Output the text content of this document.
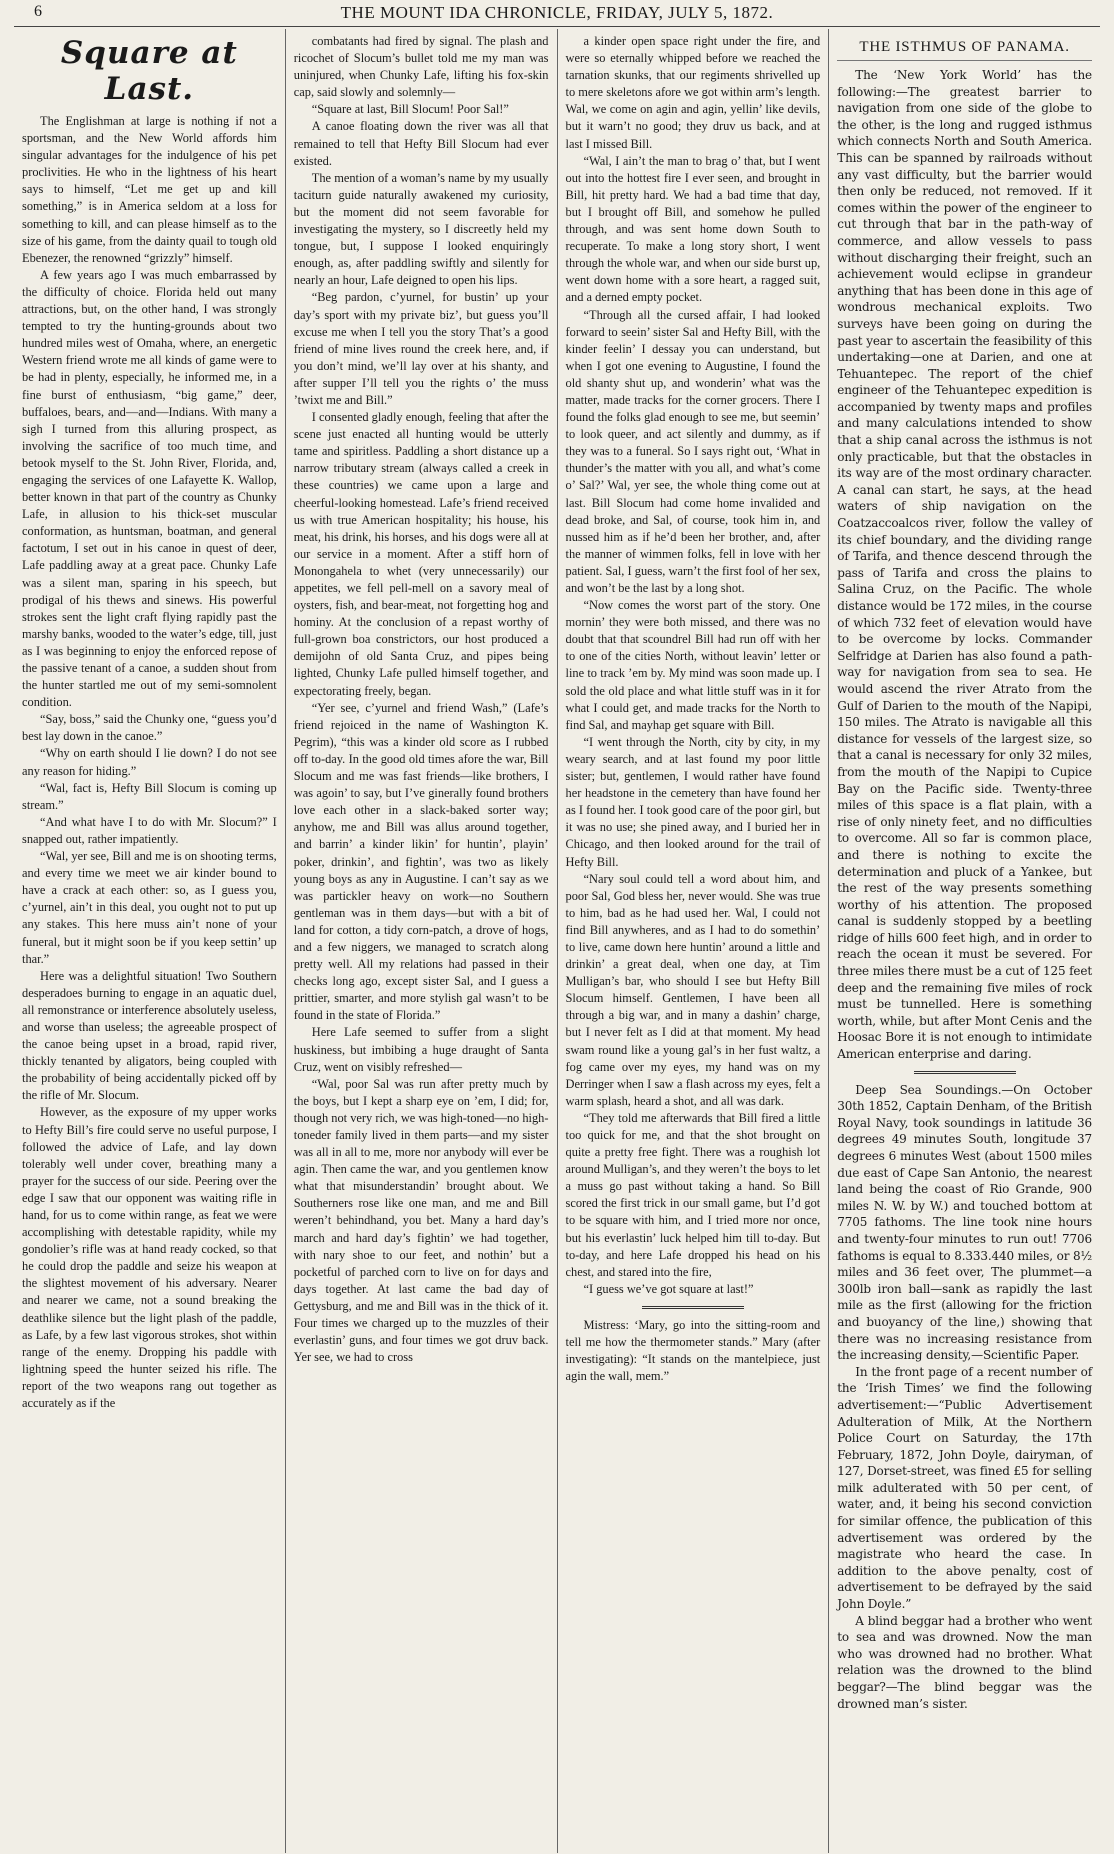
6	THE MOUNT IDA CHRONICLE, FRIDAY, JULY 5, 1872.
Square at Last.

The Englishman at large is nothing if not a sportsman, and the New World affords him singular advantages for the indulgence of his pet proclivities. He who in the lightness of his heart says to himself, “Let me get up and kill something,” is in America seldom at a loss for something to kill, and can please himself as to the size of his game, from the dainty quail to tough old Ebenezer, the renowned “grizzly” himself.

A few years ago I was much embarrassed by the difficulty of choice. Florida held out many attractions, but, on the other hand, I was strongly tempted to try the hunting-grounds about two hundred miles west of Omaha, where, an energetic Western friend wrote me all kinds of game were to be had in plenty, especially, he informed me, in a fine burst of enthusiasm, “big game,” deer, buffaloes, bears, and—and—Indians. With many a sigh I turned from this alluring prospect, as involving the sacrifice of too much time, and betook myself to the St. John River, Florida, and, engaging the services of one Lafayette K. Wallop, better known in that part of the country as Chunky Lafe, in allusion to his thick-set muscular conformation, as huntsman, boatman, and general factotum, I set out in his canoe in quest of deer, Lafe paddling away at a great pace. Chunky Lafe was a silent man, sparing in his speech, but prodigal of his thews and sinews. His powerful strokes sent the light craft flying rapidly past the marshy banks, wooded to the water’s edge, till, just as I was beginning to enjoy the enforced repose of the passive tenant of a canoe, a sudden shout from the hunter startled me out of my semi-somnolent condition.

“Say, boss,” said the Chunky one, “guess you’d best lay down in the canoe.”

“Why on earth should I lie down? I do not see any reason for hiding.”

“Wal, fact is, Hefty Bill Slocum is coming up stream.”

“And what have I to do with Mr. Slocum?” I snapped out, rather impatiently.

“Wal, yer see, Bill and me is on shooting terms, and every time we meet we air kinder bound to have a crack at each other: so, as I guess you, c’yurnel, ain’t in this deal, you ought not to put up any stakes. This here muss ain’t none of your funeral, but it might soon be if you keep settin’ up thar.”

Here was a delightful situation! Two Southern desperadoes burning to engage in an aquatic duel, all remonstrance or interference absolutely useless, and worse than useless; the agreeable prospect of the canoe being upset in a broad, rapid river, thickly tenanted by aligators, being coupled with the probability of being accidentally picked off by the rifle of Mr. Slocum.

However, as the exposure of my upper works to Hefty Bill’s fire could serve no useful purpose, I followed the advice of Lafe, and lay down tolerably well under cover, breathing many a prayer for the success of our side. Peering over the edge I saw that our opponent was waiting rifle in hand, for us to come within range, as feat we were accomplishing with detestable rapidity, while my gondolier’s rifle was at hand ready cocked, so that he could drop the paddle and seize his weapon at the slightest movement of his adversary. Nearer and nearer we came, not a sound breaking the deathlike silence but the light plash of the paddle, as Lafe, by a few last vigorous strokes, shot within range of the enemy. Dropping his paddle with lightning speed the hunter seized his rifle. The report of the two weapons rang out together as accurately as if the

combatants had fired by signal. The plash and ricochet of Slocum’s bullet told me my man was uninjured, when Chunky Lafe, lifting his fox-skin cap, said slowly and solemnly—

“Square at last, Bill Slocum! Poor Sal!”

A canoe floating down the river was all that remained to tell that Hefty Bill Slocum had ever existed.

The mention of a woman’s name by my usually taciturn guide naturally awakened my curiosity, but the moment did not seem favorable for investigating the mystery, so I discreetly held my tongue, but, I suppose I looked enquiringly enough, as, after paddling swiftly and silently for nearly an hour, Lafe deigned to open his lips.

“Beg pardon, c’yurnel, for bustin’ up your day’s sport with my private biz’, but guess you’ll excuse me when I tell you the story That’s a good friend of mine lives round the creek here, and, if you don’t mind, we’ll lay over at his shanty, and after supper I’ll tell you the rights o’ the muss ’twixt me and Bill.”

I consented gladly enough, feeling that after the scene just enacted all hunting would be utterly tame and spiritless. Paddling a short distance up a narrow tributary stream (always called a creek in these countries) we came upon a large and cheerful-looking homestead. Lafe’s friend received us with true American hospitality; his house, his meat, his drink, his horses, and his dogs were all at our service in a moment. After a stiff horn of Monongahela to whet (very unnecessarily) our appetites, we fell pell-mell on a savory meal of oysters, fish, and bear-meat, not forgetting hog and hominy. At the conclusion of a repast worthy of full-grown boa constrictors, our host produced a demijohn of old Santa Cruz, and pipes being lighted, Chunky Lafe pulled himself together, and expectorating freely, began.

“Yer see, c’yurnel and friend Wash,” (Lafe’s friend rejoiced in the name of Washington K. Pegrim), “this was a kinder old score as I rubbed off to-day. In the good old times afore the war, Bill Slocum and me was fast friends—like brothers, I was agoin’ to say, but I’ve ginerally found brothers love each other in a slack-baked sorter way; anyhow, me and Bill was allus around together, and barrin’ a kinder likin’ for huntin’, playin’ poker, drinkin’, and fightin’, was two as likely young boys as any in Augustine. I can’t say as we was partickler heavy on work—no Southern gentleman was in them days—but with a bit of land for cotton, a tidy corn-patch, a drove of hogs, and a few niggers, we managed to scratch along pretty well. All my relations had passed in their checks long ago, except sister Sal, and I guess a prittier, smarter, and more stylish gal wasn’t to be found in the state of Florida.”

Here Lafe seemed to suffer from a slight huskiness, but imbibing a huge draught of Santa Cruz, went on visibly refreshed—

“Wal, poor Sal was run after pretty much by the boys, but I kept a sharp eye on ’em, I did; for, though not very rich, we was high-toned—no high-toneder family lived in them parts—and my sister was all in all to me, more nor anybody will ever be agin. Then came the war, and you gentlemen know what that misunderstandin’ brought about. We Southerners rose like one man, and me and Bill weren’t behindhand, you bet. Many a hard day’s march and hard day’s fightin’ we had together, with nary shoe to our feet, and nothin’ but a pocketful of parched corn to live on for days and days together. At last came the bad day of Gettysburg, and me and Bill was in the thick of it. Four times we charged up to the muzzles of their everlastin’ guns, and four times we got druv back. Yer see, we had to cross

a kinder open space right under the fire, and were so eternally whipped before we reached the tarnation skunks, that our regiments shrivelled up to mere skeletons afore we got within arm’s length. Wal, we come on agin and agin, yellin’ like devils, but it warn’t no good; they druv us back, and at last I missed Bill.

“Wal, I ain’t the man to brag o’ that, but I went out into the hottest fire I ever seen, and brought in Bill, hit pretty hard. We had a bad time that day, but I brought off Bill, and somehow he pulled through, and was sent home down South to recuperate. To make a long story short, I went through the whole war, and when our side burst up, went down home with a sore heart, a ragged suit, and a derned empty pocket.

“Through all the cursed affair, I had looked forward to seein’ sister Sal and Hefty Bill, with the kinder feelin’ I dessay you can understand, but when I got one evening to Augustine, I found the old shanty shut up, and wonderin’ what was the matter, made tracks for the corner grocers. There I found the folks glad enough to see me, but seemin’ to look queer, and act silently and dummy, as if they was to a funeral. So I says right out, ‘What in thunder’s the matter with you all, and what’s come o’ Sal?’ Wal, yer see, the whole thing come out at last. Bill Slocum had come home invalided and dead broke, and Sal, of course, took him in, and nussed him as if he’d been her brother, and, after the manner of wimmen folks, fell in love with her patient. Sal, I guess, warn’t the first fool of her sex, and won’t be the last by a long shot.

“Now comes the worst part of the story. One mornin’ they were both missed, and there was no doubt that that scoundrel Bill had run off with her to one of the cities North, without leavin’ letter or line to track ’em by. My mind was soon made up. I sold the old place and what little stuff was in it for what I could get, and made tracks for the North to find Sal, and mayhap get square with Bill.

“I went through the North, city by city, in my weary search, and at last found my poor little sister; but, gentlemen, I would rather have found her headstone in the cemetery than have found her as I found her. I took good care of the poor girl, but it was no use; she pined away, and I buried her in Chicago, and then looked around for the trail of Hefty Bill.

“Nary soul could tell a word about him, and poor Sal, God bless her, never would. She was true to him, bad as he had used her. Wal, I could not find Bill anywheres, and as I had to do somethin’ to live, came down here huntin’ around a little and drinkin’ a great deal, when one day, at Tim Mulligan’s bar, who should I see but Hefty Bill Slocum himself. Gentlemen, I have been all through a big war, and in many a dashin’ charge, but I never felt as I did at that moment. My head swam round like a young gal’s in her fust waltz, a fog came over my eyes, my hand was on my Derringer when I saw a flash across my eyes, felt a warm splash, heard a shot, and all was dark.

“They told me afterwards that Bill fired a little too quick for me, and that the shot brought on quite a pretty free fight. There was a roughish lot around Mulligan’s, and they weren’t the boys to let a muss go past without taking a hand. So Bill scored the first trick in our small game, but I’d got to be square with him, and I tried more nor once, but his everlastin’ luck helped him till to-day. But to-day, and here Lafe dropped his head on his chest, and stared into the fire,

“I guess we’ve got square at last!”

Mistress: ‘Mary, go into the sitting-room and tell me how the thermometer stands.” Mary (after investigating): “It stands on the mantelpiece, just agin the wall, mem.”

THE ISTHMUS OF PANAMA.

The ‘New York World’ has the following:—The greatest barrier to navigation from one side of the globe to the other, is the long and rugged isthmus which connects North and South America. This can be spanned by railroads without any vast difficulty, but the barrier would then only be reduced, not removed. If it comes within the power of the engineer to cut through that bar in the path-way of commerce, and allow vessels to pass without discharging their freight, such an achievement would eclipse in grandeur anything that has been done in this age of wondrous mechanical exploits. Two surveys have been going on during the past year to ascertain the feasibility of this undertaking—one at Darien, and one at Tehuantepec. The report of the chief engineer of the Tehuantepec expedition is accompanied by twenty maps and profiles and many calculations intended to show that a ship canal across the isthmus is not only practicable, but that the obstacles in its way are of the most ordinary character. A canal can start, he says, at the head waters of ship navigation on the Coatzaccoalcos river, follow the valley of its chief boundary, and the dividing range of Tarifa, and thence descend through the pass of Tarifa and cross the plains to Salina Cruz, on the Pacific. The whole distance would be 172 miles, in the course of which 732 feet of elevation would have to be overcome by locks. Commander Selfridge at Darien has also found a path-way for navigation from sea to sea. He would ascend the river Atrato from the Gulf of Darien to the mouth of the Napipi, 150 miles. The Atrato is navigable all this distance for vessels of the largest size, so that a canal is necessary for only 32 miles, from the mouth of the Napipi to Cupice Bay on the Pacific side. Twenty-three miles of this space is a flat plain, with a rise of only ninety feet, and no difficulties to overcome. All so far is common place, and there is nothing to excite the determination and pluck of a Yankee, but the rest of the way presents something worthy of his attention. The proposed canal is suddenly stopped by a beetling ridge of hills 600 feet high, and in order to reach the ocean it must be severed. For three miles there must be a cut of 125 feet deep and the remaining five miles of rock must be tunnelled. Here is something worth, while, but after Mont Cenis and the Hoosac Bore it is not enough to intimidate American enterprise and daring.

Deep Sea Soundings.—On October 30th 1852, Captain Denham, of the British Royal Navy, took soundings in latitude 36 degrees 49 minutes South, longitude 37 degrees 6 minutes West (about 1500 miles due east of Cape San Antonio, the nearest land being the coast of Rio Grande, 900 miles N. W. by W.) and touched bottom at 7705 fathoms. The line took nine hours and twenty-four minutes to run out! 7706 fathoms is equal to 8.333.440 miles, or 8½ miles and 36 feet over, The plummet—a 300lb iron ball—sank as rapidly the last mile as the first (allowing for the friction and buoyancy of the line,) showing that there was no increasing resistance from the increasing density,—Scientific Paper.

In the front page of a recent number of the ‘Irish Times’ we find the following advertisement:—“Public Advertisement Adulteration of Milk, At the Northern Police Court on Saturday, the 17th February, 1872, John Doyle, dairyman, of 127, Dorset-street, was fined £5 for selling milk adulterated with 50 per cent, of water, and, it being his second conviction for similar offence, the publication of this advertisement was ordered by the magistrate who heard the case. In addition to the above penalty, cost of advertisement to be defrayed by the said John Doyle.”

A blind beggar had a brother who went to sea and was drowned. Now the man who was drowned had no brother. What relation was the drowned to the blind beggar?—The blind beggar was the drowned man’s sister.
